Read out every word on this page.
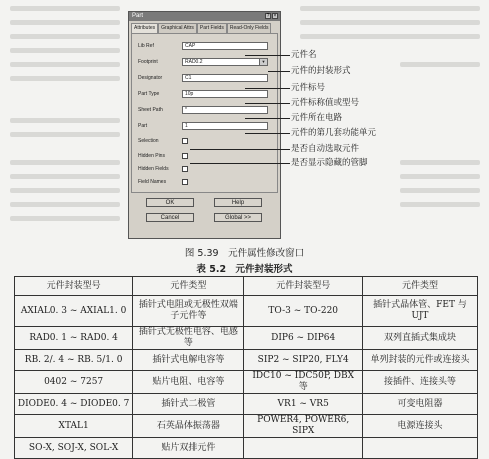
Part	? ×
Attributes	Graphical Attrs	Part Fields	Read-Only Fields
Lib Ref	CAP
Footprint	RAD0.2	▼
Designator	C1
Part Type	10p
Sheet Path	*
Part	1
Selection
Hidden Pins
Hidden Fields
Field Names
OK	Help
Cancel	Global >>
元件名
元件的封装形式
元件标号
元件标称值或型号
元件所在电路
元件的第几套功能单元
是否自动选取元件
是否显示隐藏的管脚
图 5.39　元件属性修改窗口
表 5.2　元件封装形式
元件封装型号	元件类型	元件封装型号	元件类型
AXIAL0. 3 ~ AXIAL1. 0	插针式电阻或无极性双端子元件等	TO-3 ~ TO-220	插针式晶体管、FET 与 UJT
RAD0. 1 ~ RAD0. 4	插针式无极性电容、电感等	DIP6 ~ DIP64	双列直插式集成块
RB. 2/. 4 ~ RB. 5/1. 0	插针式电解电容等	SIP2 ~ SIP20, FLY4	单列封装的元件或连接头
0402 ~ 7257	贴片电阻、电容等	IDC10 ~ IDC50P, DBX 等	接插件、连接头等
DIODE0. 4 ~ DIODE0. 7	插针式二极管	VR1 ~ VR5	可变电阻器
XTAL1	石英晶体振荡器	POWER4, POWER6, SIPX	电源连接头
SO-X, SOJ-X, SOL-X	贴片双排元件		
